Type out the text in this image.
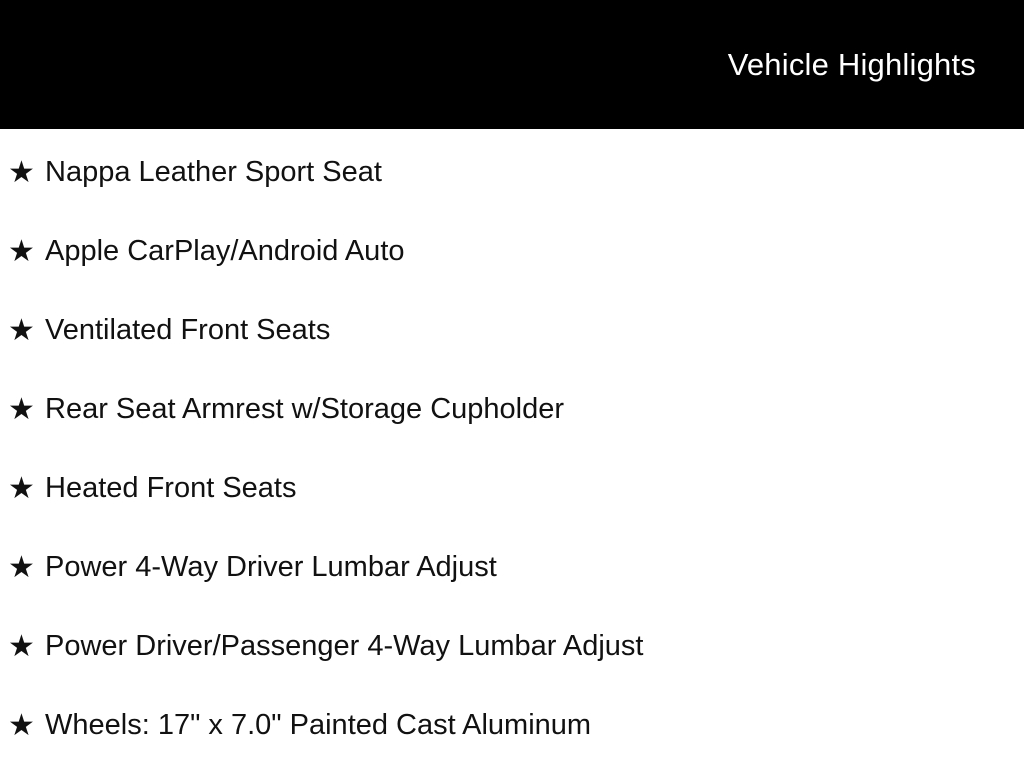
Vehicle Highlights
★ Nappa Leather Sport Seat
★ Apple CarPlay/Android Auto
★ Ventilated Front Seats
★ Rear Seat Armrest w/Storage Cupholder
★ Heated Front Seats
★ Power 4-Way Driver Lumbar Adjust
★ Power Driver/Passenger 4-Way Lumbar Adjust
★ Wheels: 17" x 7.0" Painted Cast Aluminum
